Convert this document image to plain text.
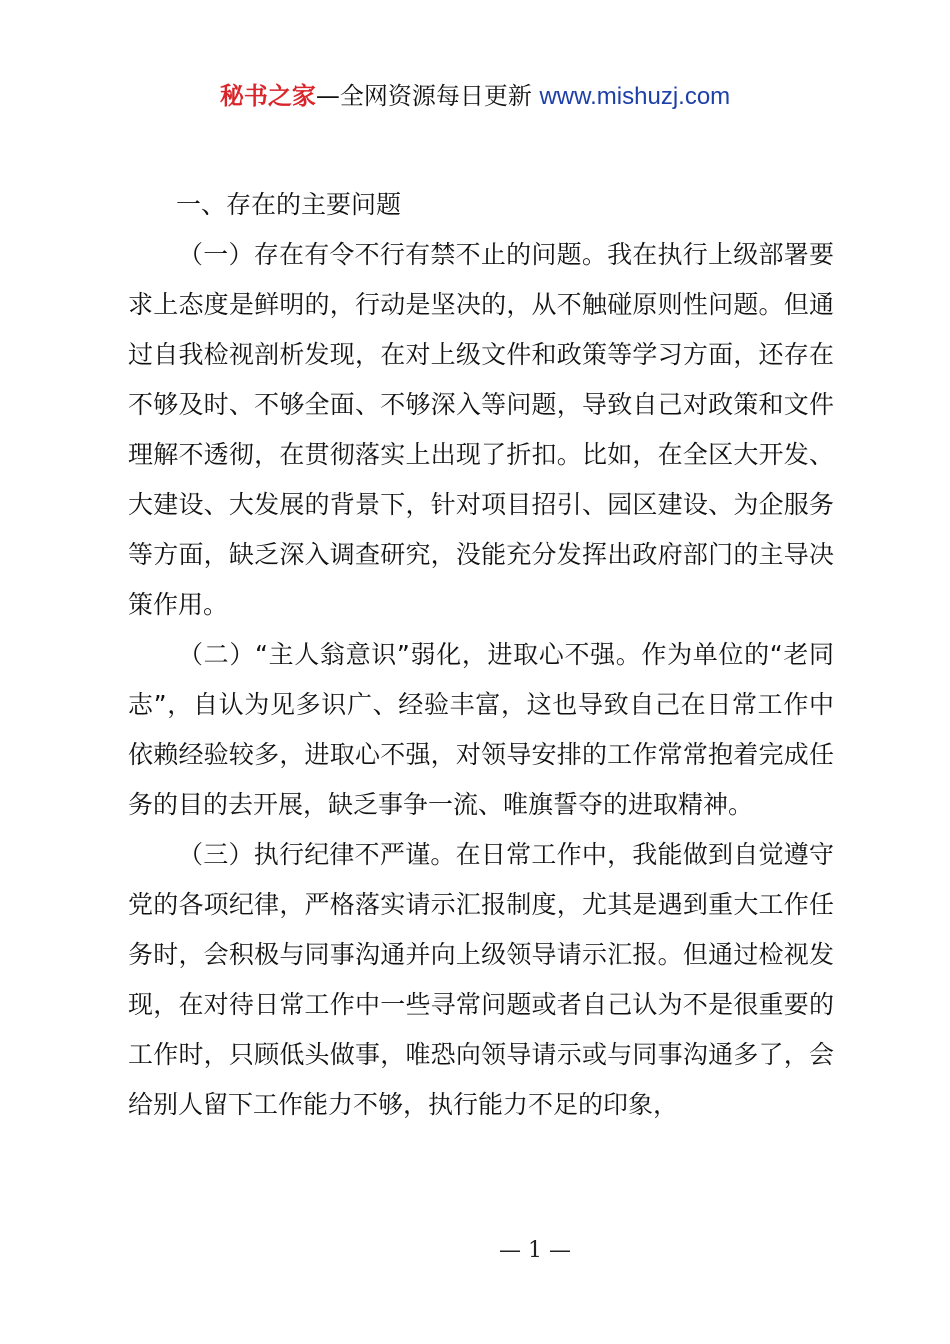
秘书之家—全网资源每日更新 www.mishuzj.com
一、存在的主要问题

（一）存在有令不行有禁不止的问题。我在执行上级部署要求上态度是鲜明的，行动是坚决的，从不触碰原则性问题。但通过自我检视剖析发现，在对上级文件和政策等学习方面，还存在不够及时、不够全面、不够深入等问题，导致自己对政策和文件理解不透彻，在贯彻落实上出现了折扣。比如，在全区大开发、大建设、大发展的背景下，针对项目招引、园区建设、为企服务等方面，缺乏深入调查研究，没能充分发挥出政府部门的主导决策作用。

（二）“主人翁意识”弱化，进取心不强。作为单位的“老同志”，自认为见多识广、经验丰富，这也导致自己在日常工作中依赖经验较多，进取心不强，对领导安排的工作常常抱着完成任务的目的去开展，缺乏事争一流、唯旗誓夺的进取精神。

（三）执行纪律不严谨。在日常工作中，我能做到自觉遵守党的各项纪律，严格落实请示汇报制度，尤其是遇到重大工作任务时，会积极与同事沟通并向上级领导请示汇报。但通过检视发现，在对待日常工作中一些寻常问题或者自己认为不是很重要的工作时，只顾低头做事，唯恐向领导请示或与同事沟通多了，会给别人留下工作能力不够，执行能力不足的印象，

— 1 —
